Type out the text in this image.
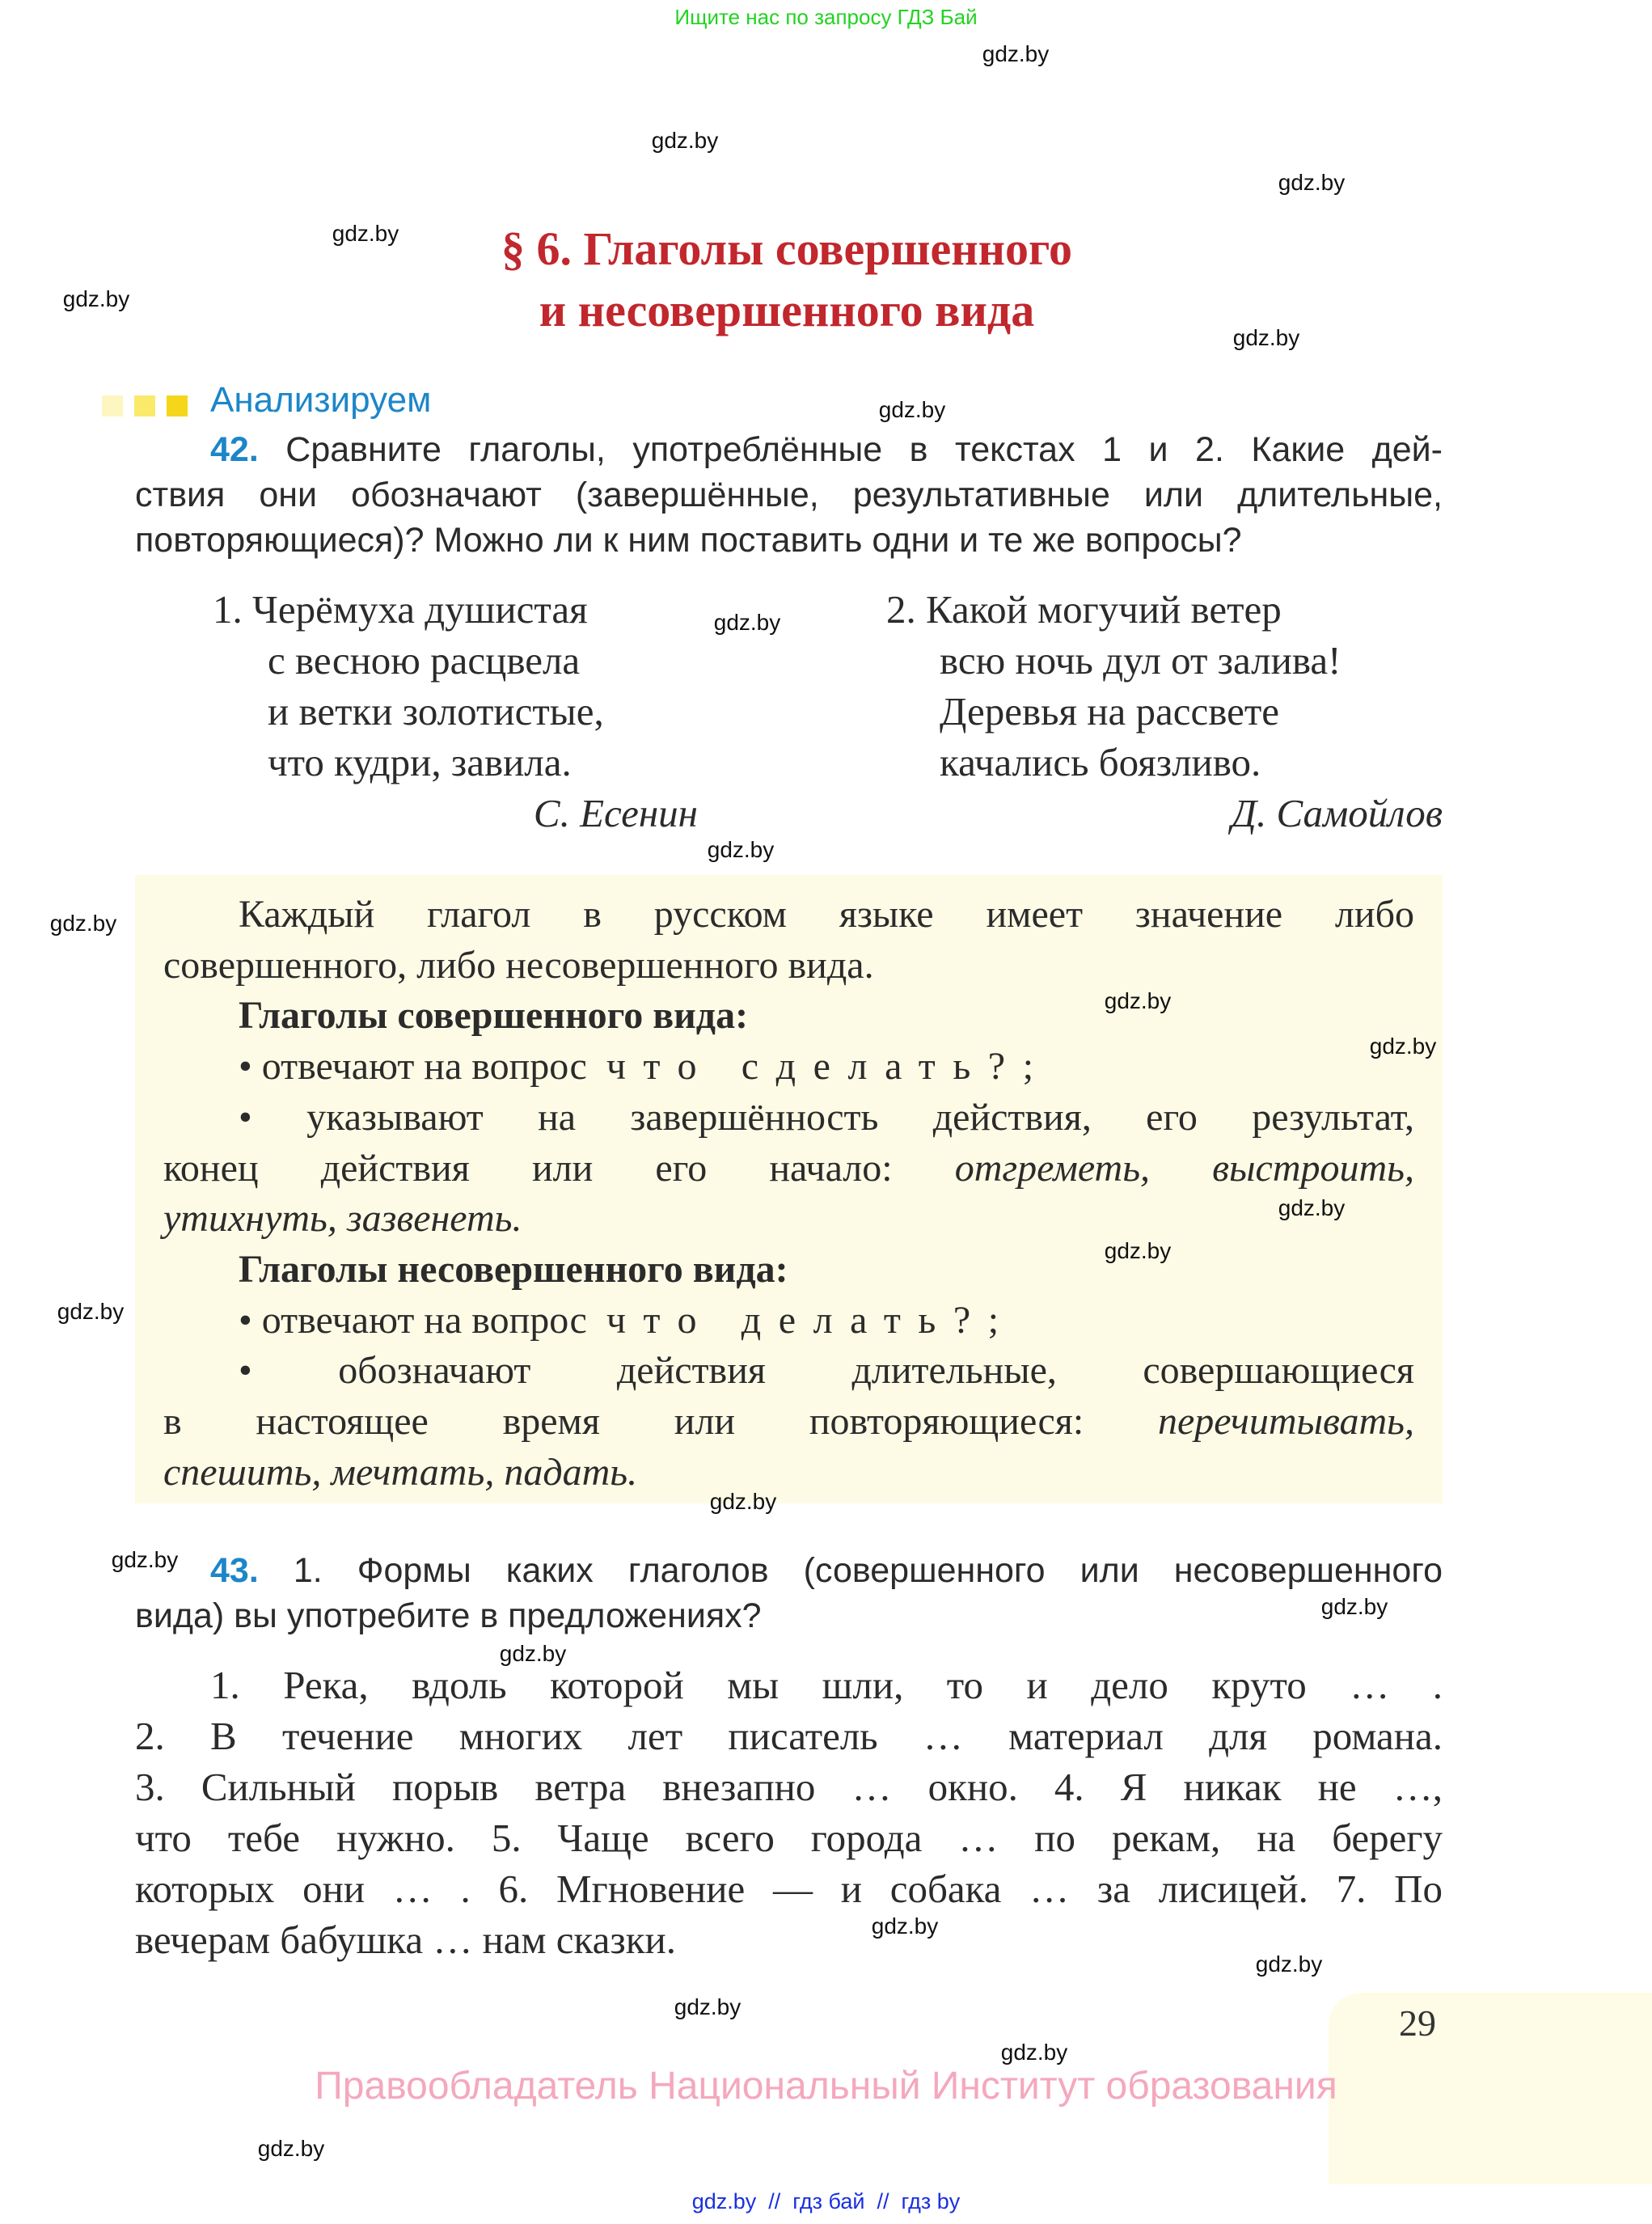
Ищите нас по запросу ГДЗ Бай
§ 6. Глаголы совершенного
и несовершенного вида
Анализируем
42. Сравните глаголы, употреблённые в текстах 1 и 2. Какие дей-
ствия они обозначают (завершённые, результативные или длительные,
повторяющиеся)? Можно ли к ним поставить одни и те же вопросы?
1. Черёмуха душистая
с весною расцвела
и ветки золотистые,
что кудри, завила.
С. Есенин
2. Какой могучий ветер
всю ночь дул от залива!
Деревья на рассвете
качались боязливо.
Д. Самойлов
Каждый глагол в русском языке имеет значение либо
совершенного, либо несовершенного вида.
Глаголы совершенного вида:
• отвечают на вопрос что сделать?;
• указывают на завершённость действия, его результат,
конец действия или его начало: отгреметь, выстроить,
утихнуть, зазвенеть.
Глаголы несовершенного вида:
• отвечают на вопрос что делать?;
• обозначают действия длительные, совершающиеся
в настоящее время или повторяющиеся: перечитывать,
спешить, мечтать, падать.
43. 1. Формы каких глаголов (совершенного или несовершенного
вида) вы употребите в предложениях?
1. Река, вдоль которой мы шли, то и дело круто … .
2. В течение многих лет писатель … материал для романа.
3. Сильный порыв ветра внезапно … окно. 4. Я никак не …,
что тебе нужно. 5. Чаще всего города … по рекам, на берегу
которых они … . 6. Мгновение — и собака … за лисицей. 7. По
вечерам бабушка … нам сказки.
29
Правообладатель Национальный Институт образования
gdz.by  //  гдз бай  //  гдз by
gdz.by
gdz.by
gdz.by
gdz.by
gdz.by
gdz.by
gdz.by
gdz.by
gdz.by
gdz.by
gdz.by
gdz.by
gdz.by
gdz.by
gdz.by
gdz.by
gdz.by
gdz.by
gdz.by
gdz.by
gdz.by
gdz.by
gdz.by
gdz.by
